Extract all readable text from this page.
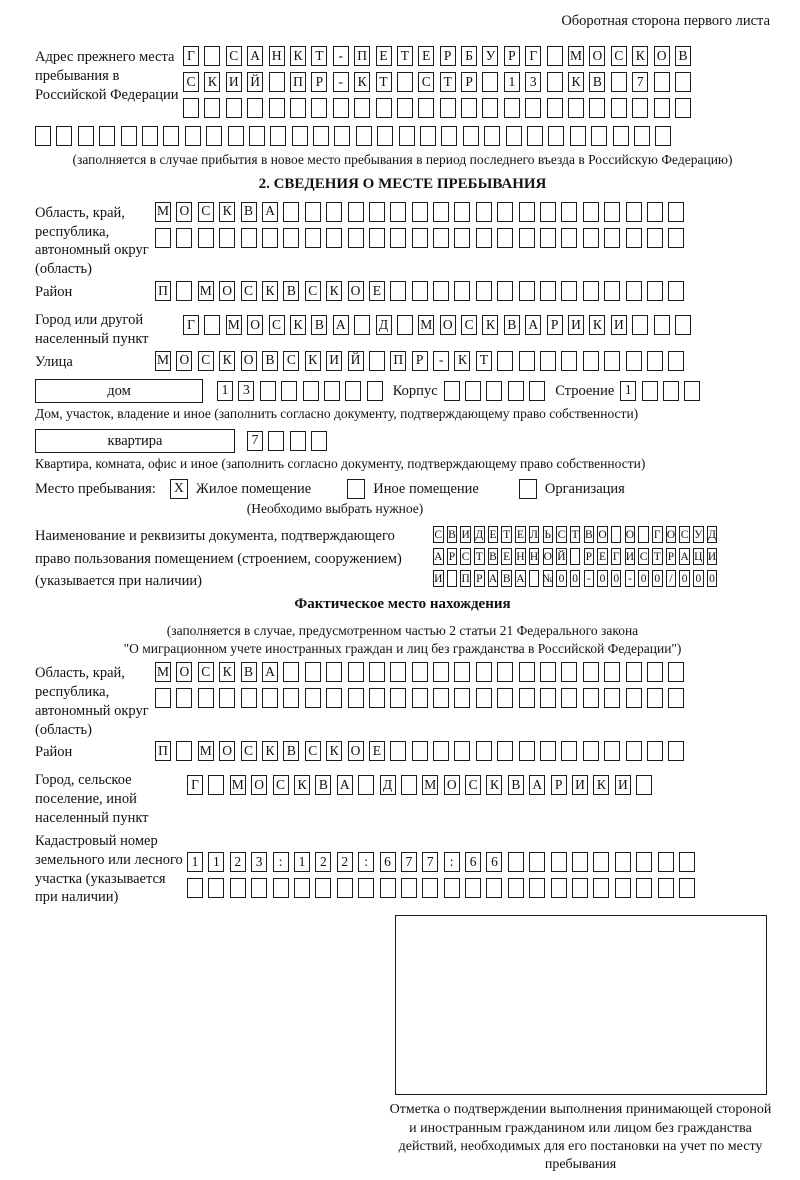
Оборотная сторона первого листа
Адрес прежнего места пребывания в Российской Федерации
Г	С А Н К Т	-	П Е Т Е	Р	Б У Р	Г	М О С К О В
С К И Й П Р	-	К Т	С Т	Р	1	3	К В	7
(заполняется в случае прибытия в новое место пребывания в период последнего въезда в Российскую Федерацию)
2. СВЕДЕНИЯ О МЕСТЕ ПРЕБЫВАНИЯ
Область, край, республика, автономный округ (область)
М О С К В А
Район	П М О С К В С К О Е
Город или другой населенный пункт
Г	М О С К В А Д М О С К В А Р И К И
Улица	М О С К О В С К И Й П Р	-	К Т
дом	1	3	Корпус	Строение 1
Дом, участок, владение и иное (заполнить согласно документу, подтверждающему право собственности)
квартира	7
Квартира, комната, офис и иное (заполнить согласно документу, подтверждающему право собственности)
Место пребывания:	X Жилое помещение	Иное помещение	Организация
(Необходимо выбрать нужное)
Наименование и реквизиты документа, подтверждающего право пользования помещением (строением, сооружением) (указывается при наличии)
С В И Д Е Т Е Л Ь С Т В О О Г О С У Д
А Р С Т В Е Н Н О Й Р Е Г И С Т Р А Ц И
И П Р А В А № 0 0 - 0 0 - 0 0 / 0 0 0
Фактическое место нахождения
(заполняется в случае, предусмотренном частью 2 статьи 21 Федерального закона
"О миграционном учете иностранных граждан и лиц без гражданства в Российской Федерации")
Область, край, республика, автономный округ (область)
М О С К В А
Район	П М О С К В С К О Е
Город, сельское поселение, иной населенный пункт
Г	М О С К В А Д М О С К В А Р И К И
Кадастровый номер земельного или лесного участка (указывается при наличии)
1	1	2	3	:	1	2	2	:	6	7	7	:	6	6
Отметка о подтверждении выполнения принимающей стороной и иностранным гражданином или лицом без гражданства действий, необходимых для его постановки на учет по месту пребывания
